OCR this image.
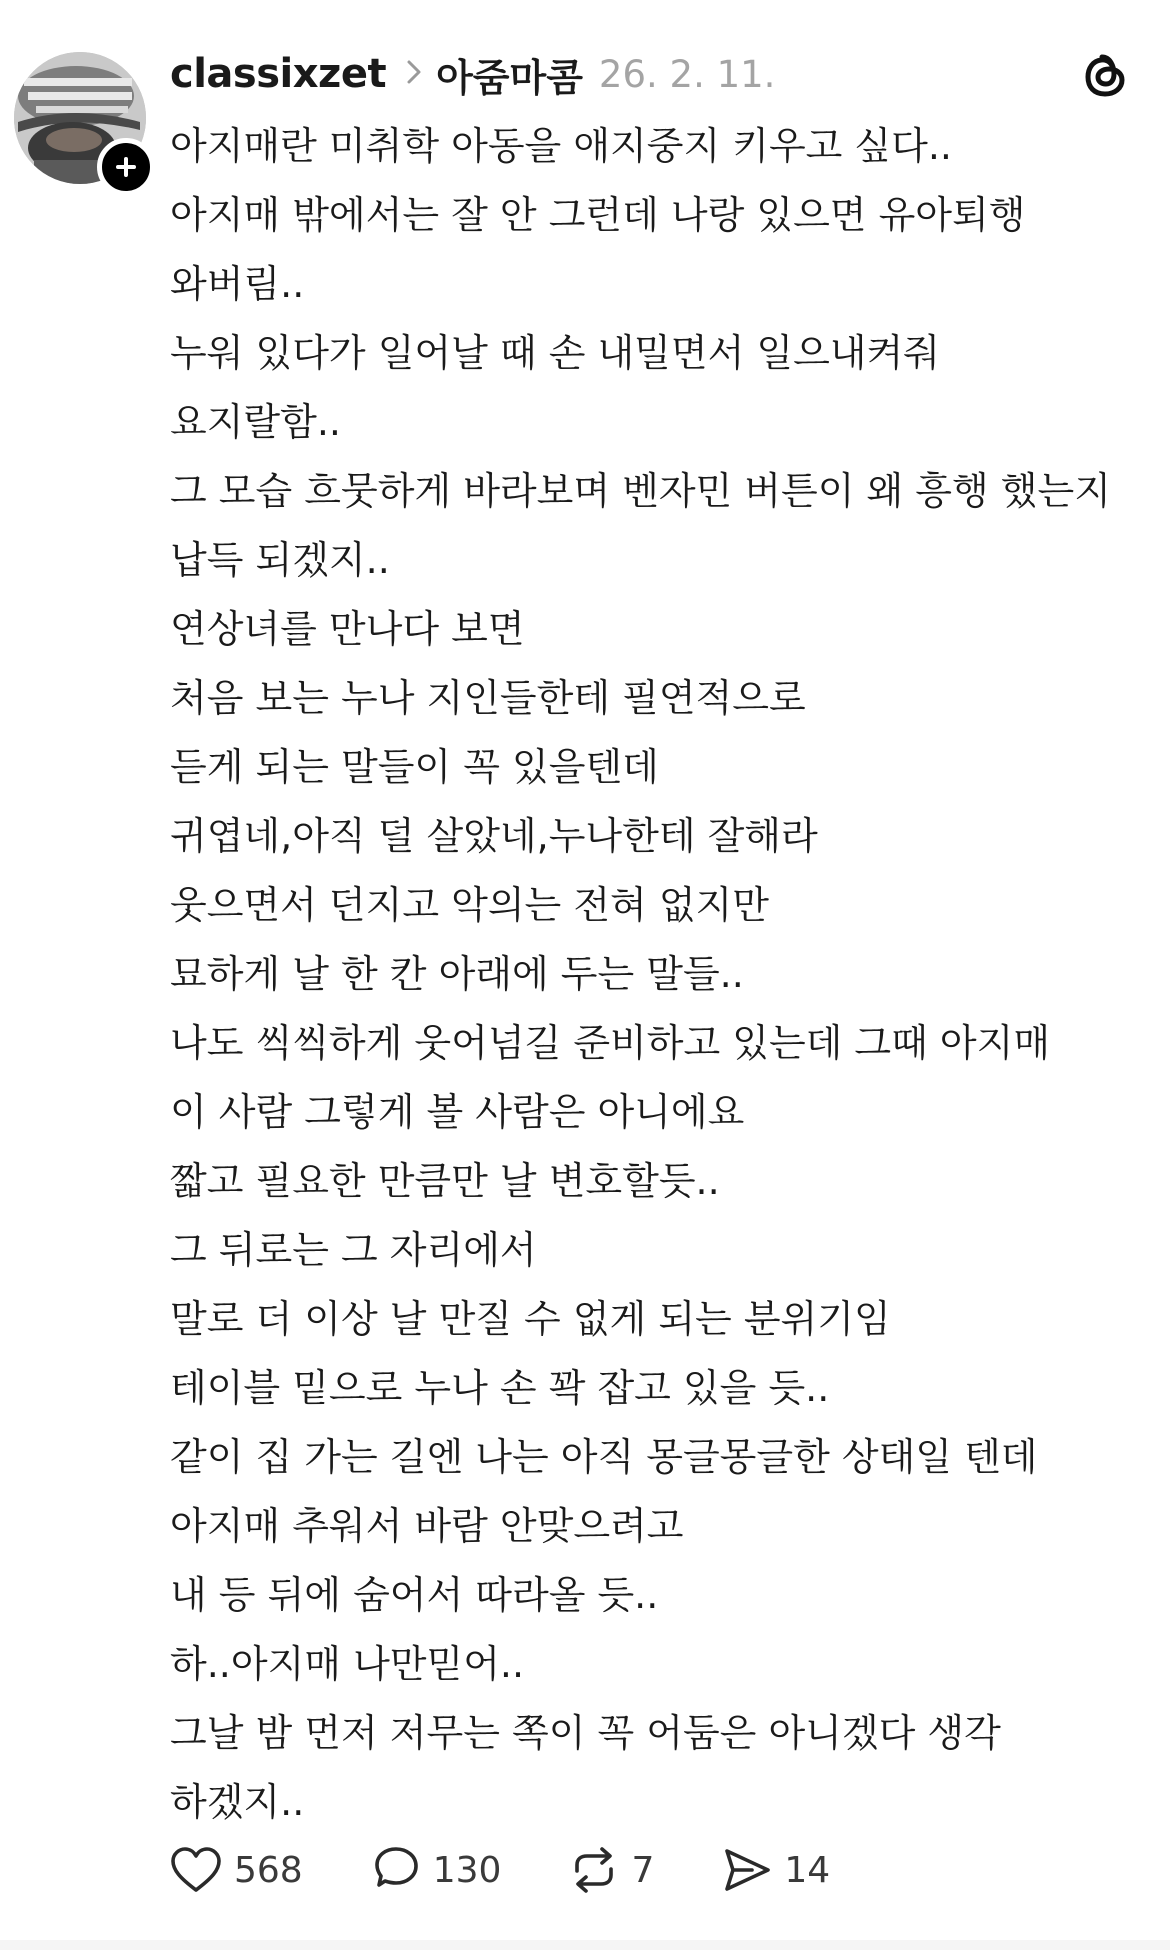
classixzet 아줌마콤 26. 2. 11.
아지매란 미취학 아동을 애지중지 키우고 싶다..
아지매 밖에서는 잘 안 그런데 나랑 있으면 유아퇴행 와버림..
누워 있다가 일어날 때 손 내밀면서 일으내켜줘
요지랄함..
그 모습 흐뭇하게 바라보며 벤자민 버튼이 왜 흥행 했는지 납득 되겠지..
연상녀를 만나다 보면
처음 보는 누나 지인들한테 필연적으로
듣게 되는 말들이 꼭 있을텐데
귀엽네,아직 덜 살았네,누나한테 잘해라
웃으면서 던지고 악의는 전혀 없지만
묘하게 날 한 칸 아래에 두는 말들..
나도 씩씩하게 웃어넘길 준비하고 있는데 그때 아지매
이 사람 그렇게 볼 사람은 아니에요
짧고 필요한 만큼만 날 변호할듯..
그 뒤로는 그 자리에서
말로 더 이상 날 만질 수 없게 되는 분위기임
테이블 밑으로 누나 손 꽉 잡고 있을 듯..
같이 집 가는 길엔 나는 아직 몽글몽글한 상태일 텐데
아지매 추워서 바람 안맞으려고
내 등 뒤에 숨어서 따라올 듯..
하..아지매 나만믿어..
그날 밤 먼저 저무는 쪽이 꼭 어둠은 아니겠다 생각 하겠지..
568	130	7	14
